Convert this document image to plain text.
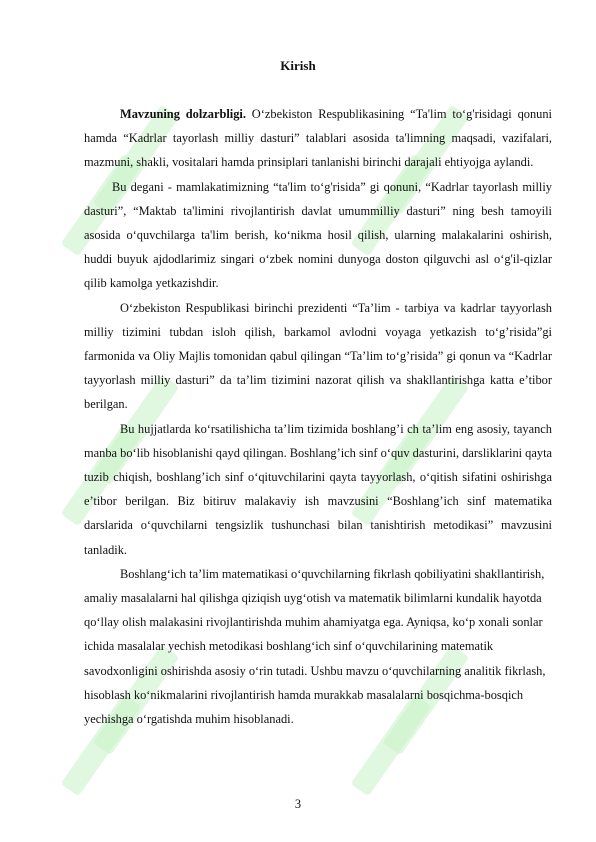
Kirish

Mavzuning dolzarbligi. O‘zbekiston Respublikasining “Ta'lim to‘g'risidagi qonuni hamda “Kadrlar tayorlash milliy dasturi” talablari asosida ta'limning maqsadi, vazifalari, mazmuni, shakli, vositalari hamda prinsiplari tanlanishi birinchi darajali ehtiyojga aylandi.

Bu degani - mamlakatimizning “ta'lim to‘g'risida” gi qonuni, “Kadrlar tayorlash milliy dasturi”, “Maktab ta'limini rivojlantirish davlat umummilliy dasturi” ning besh tamoyili asosida o‘quvchilarga ta'lim berish, ko‘nikma hosil qilish, ularning malakalarini oshirish, huddi buyuk ajdodlarimiz singari o‘zbek nomini dunyoga doston qilguvchi asl o‘g'il-qizlar qilib kamolga yetkazishdir.

O‘zbekiston Respublikasi birinchi prezidenti “Ta’lim - tarbiya va kadrlar tayyorlash milliy tizimini tubdan isloh qilish, barkamol avlodni voyaga yetkazish to‘g’risida”gi farmonida va Oliy Majlis tomonidan qabul qilingan “Ta’lim to‘g’risida” gi qonun va “Kadrlar tayyorlash milliy dasturi” da ta’lim tizimini nazorat qilish va shakllantirishga katta e’tibor berilgan.

Bu hujjatlarda ko‘rsatilishicha ta’lim tizimida boshlang’i ch ta’lim eng asosiy, tayanch manba bo‘lib hisoblanishi qayd qilingan. Boshlang’ich sinf o‘quv dasturini, darsliklarini qayta tuzib chiqish, boshlang’ich sinf o‘qituvchilarini qayta tayyorlash, o‘qitish sifatini oshirishga e’tibor berilgan. Biz bitiruv malakaviy ish mavzusini “Boshlang’ich sinf matematika darslarida o‘quvchilarni tengsizlik tushunchasi bilan tanishtirish metodikasi” mavzusini tanladik.

Boshlang‘ich ta’lim matematikasi o‘quvchilarning fikrlash qobiliyatini shakllantirish, amaliy masalalarni hal qilishga qiziqish uyg‘otish va matematik bilimlarni kundalik hayotda qo‘llay olish malakasini rivojlantirishda muhim ahamiyatga ega. Ayniqsa, ko‘p xonali sonlar ichida masalalar yechish metodikasi boshlang‘ich sinf o‘quvchilarining matematik savodxonligini oshirishda asosiy o‘rin tutadi. Ushbu mavzu o‘quvchilarning analitik fikrlash, hisoblash ko‘nikmalarini rivojlantirish hamda murakkab masalalarni bosqichma-bosqich yechishga o‘rgatishda muhim hisoblanadi.

3
